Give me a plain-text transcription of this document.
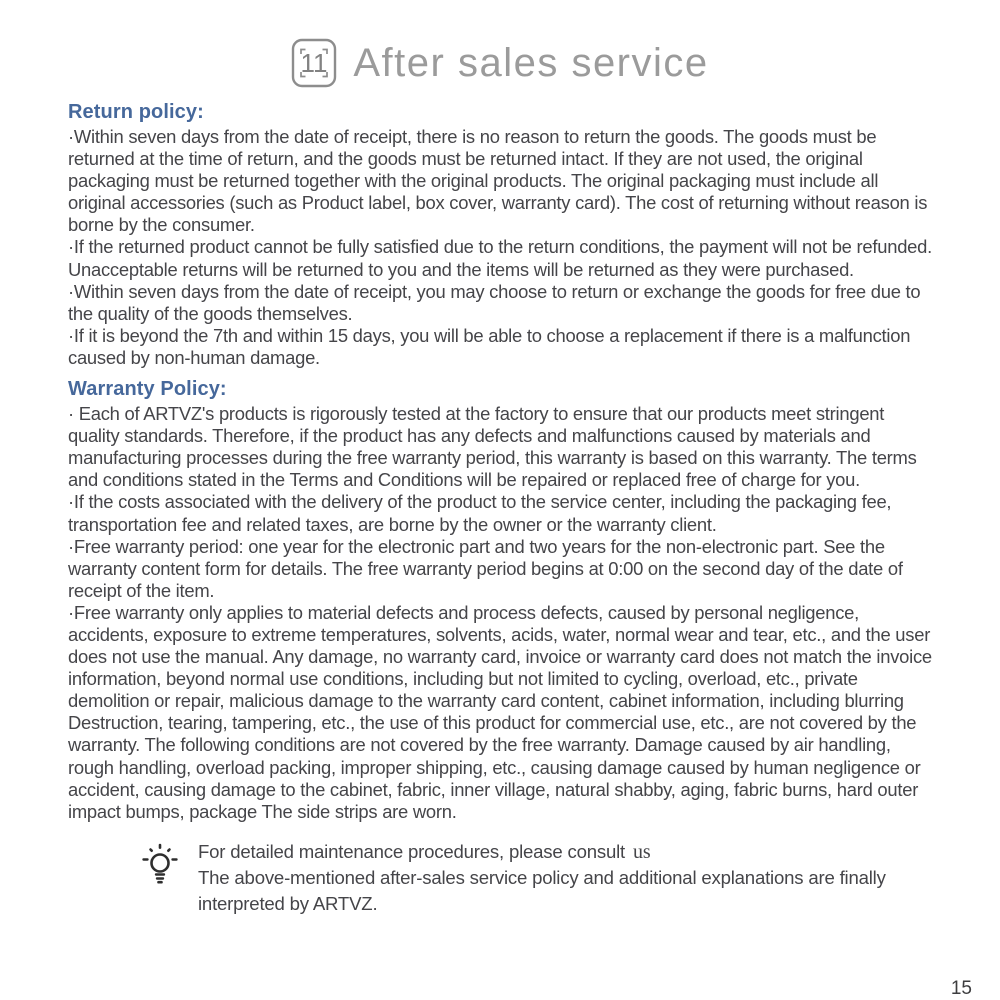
11 After sales service
Return policy:

·Within seven days from the date of receipt, there is no reason to return the goods. The goods must be returned at the time of return, and the goods must be returned intact. If they are not used, the original packaging must be returned together with the original products. The original packaging must include all original accessories (such as Product label, box cover, warranty card). The cost of returning without reason is borne by the consumer.

·If the returned product cannot be fully satisfied due to the return conditions, the payment will not be refunded. Unacceptable returns will be returned to you and the items will be returned as they were purchased.

·Within seven days from the date of receipt, you may choose to return or exchange the goods for free due to the quality of the goods themselves.

·If it is beyond the 7th and within 15 days, you will be able to choose a replacement if there is a malfunction caused by non-human damage.

Warranty Policy:

· Each of ARTVZ's products is rigorously tested at the factory to ensure that our products meet stringent quality standards. Therefore, if the product has any defects and malfunctions caused by materials and manufacturing processes during the free warranty period, this warranty is based on this warranty. The terms and conditions stated in the Terms and Conditions will be repaired or replaced free of charge for you.

·If the costs associated with the delivery of the product to the service center, including the packaging fee, transportation fee and related taxes, are borne by the owner or the warranty client.

·Free warranty period: one year for the electronic part and two years for the non-electronic part. See the warranty content form for details. The free warranty period begins at 0:00 on the second day of the date of receipt of the item.

·Free warranty only applies to material defects and process defects, caused by personal negligence, accidents, exposure to extreme temperatures, solvents, acids, water, normal wear and tear, etc., and the user does not use the manual. Any damage, no warranty card, invoice or warranty card does not match the invoice information, beyond normal use conditions, including but not limited to cycling, overload, etc., private demolition or repair, malicious damage to the warranty card content, cabinet information, including blurring Destruction, tearing, tampering, etc., the use of this product for commercial use, etc., are not covered by the warranty. The following conditions are not covered by the free warranty. Damage caused by air handling, rough handling, overload packing, improper shipping, etc., causing damage caused by human negligence or accident, causing damage to the cabinet, fabric, inner village, natural shabby, aging, fabric burns, hard outer impact bumps, package The side strips are worn.

For detailed maintenance procedures, please consult us

The above-mentioned after-sales service policy and additional explanations are finally interpreted by ARTVZ.

15
